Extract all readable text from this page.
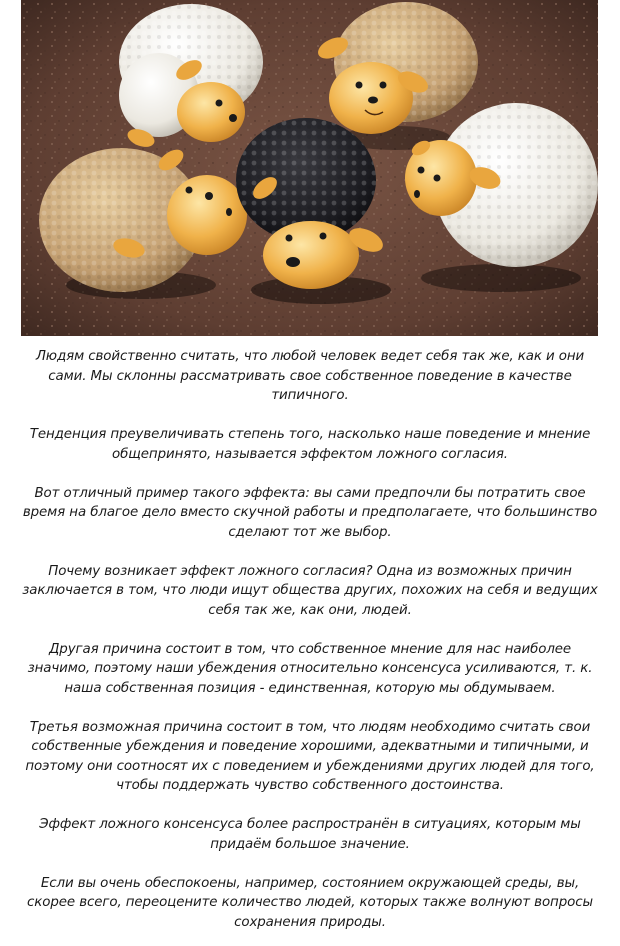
Людям свойственно считать, что любой человек ведет себя так же, как и они сами. Мы склонны рассматривать свое собственное поведение в качестве типичного.

Тенденция преувеличивать степень того, насколько наше поведение и мнение общепринято, называется эффектом ложного согласия.

Вот отличный пример такого эффекта: вы сами предпочли бы потратить свое время на благое дело вместо скучной работы и предполагаете, что большинство сделают тот же выбор.

Почему возникает эффект ложного согласия? Одна из возможных причин заключается в том, что люди ищут общества других, похожих на себя и ведущих себя так же, как они, людей.

Другая причина состоит в том, что собственное мнение для нас наиболее значимо, поэтому наши убеждения относительно консенсуса усиливаются, т. к. наша собственная позиция - единственная, которую мы обдумываем.

Третья возможная причина состоит в том, что людям необходимо считать свои собственные убеждения и поведение хорошими, адекватными и типичными, и поэтому они соотносят их с поведением и убеждениями других людей для того, чтобы поддержать чувство собственного достоинства.

Эффект ложного консенсуса более распространён в ситуациях, которым мы придаём большое значение.

Если вы очень обеспокоены, например, состоянием окружающей среды, вы, скорее всего, переоцените количество людей, которых также волнуют вопросы сохранения природы.
